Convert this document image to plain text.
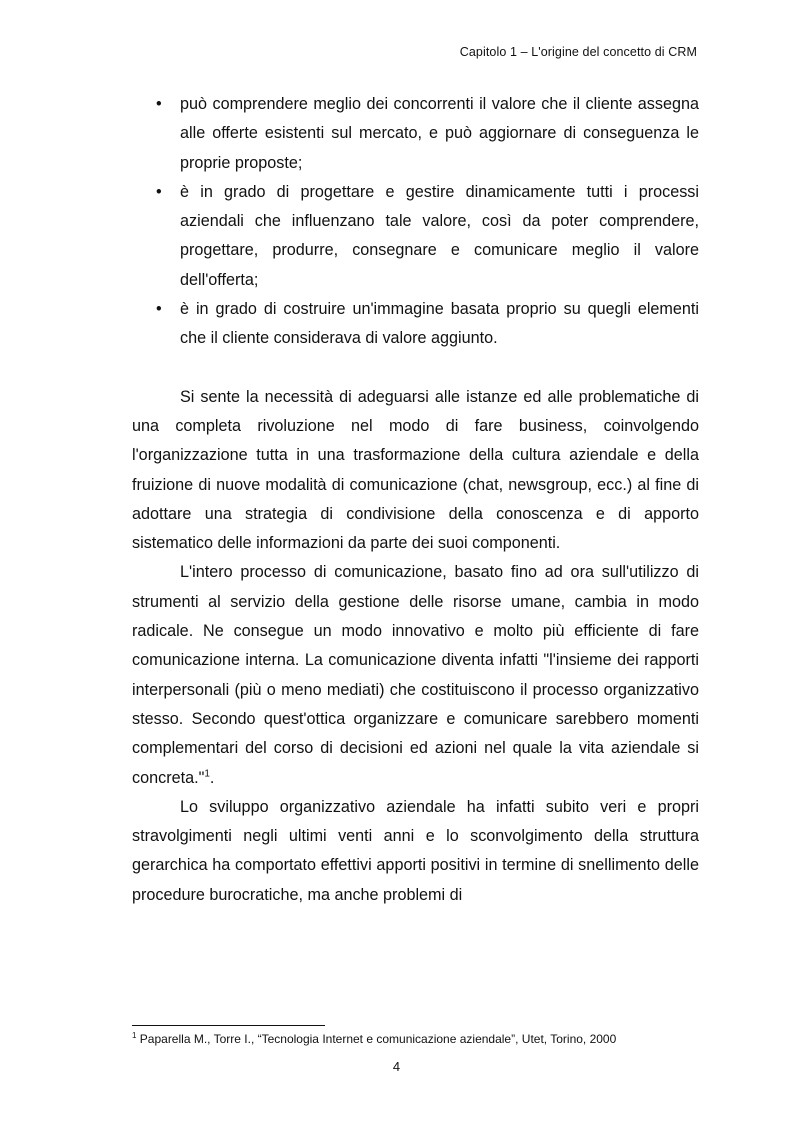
Capitolo 1 – L'origine del concetto di CRM
• può comprendere meglio dei concorrenti il valore che il cliente assegna alle offerte esistenti sul mercato, e può aggiornare di conseguenza le proprie proposte;
• è in grado di progettare e gestire dinamicamente tutti i processi aziendali che influenzano tale valore, così da poter comprendere, progettare, produrre, consegnare e comunicare meglio il valore dell'offerta;
• è in grado di costruire un'immagine basata proprio su quegli elementi che il cliente considerava di valore aggiunto.

Si sente la necessità di adeguarsi alle istanze ed alle problematiche di una completa rivoluzione nel modo di fare business, coinvolgendo l'organizzazione tutta in una trasformazione della cultura aziendale e della fruizione di nuove modalità di comunicazione (chat, newsgroup, ecc.) al fine di adottare una strategia di condivisione della conoscenza e di apporto sistematico delle informazioni da parte dei suoi componenti.

L'intero processo di comunicazione, basato fino ad ora sull'utilizzo di strumenti al servizio della gestione delle risorse umane, cambia in modo radicale. Ne consegue un modo innovativo e molto più efficiente di fare comunicazione interna. La comunicazione diventa infatti "l'insieme dei rapporti interpersonali (più o meno mediati) che costituiscono il processo organizzativo stesso. Secondo quest'ottica organizzare e comunicare sarebbero momenti complementari del corso di decisioni ed azioni nel quale la vita aziendale si concreta."$^1$.

Lo sviluppo organizzativo aziendale ha infatti subito veri e propri stravolgimenti negli ultimi venti anni e lo sconvolgimento della struttura gerarchica ha comportato effettivi apporti positivi in termine di snellimento delle procedure burocratiche, ma anche problemi di

$^1$ Paparella M., Torre I., “Tecnologia Internet e comunicazione aziendale”, Utet, Torino, 2000
4
